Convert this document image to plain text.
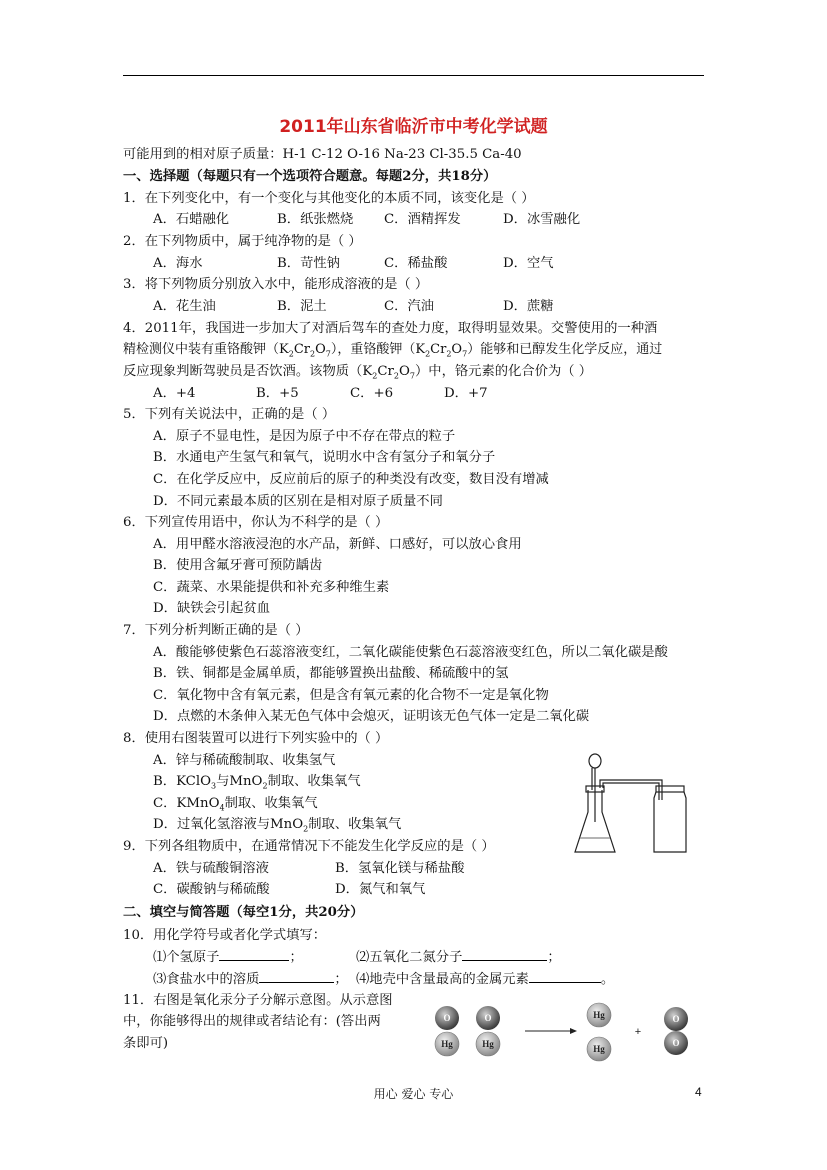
2011年山东省临沂市中考化学试题
可能用到的相对原子质量：H-1 C-12 O-16 Na-23 Cl-35.5 Ca-40
一、选择题（每题只有一个选项符合题意。每题2分，共18分）
1．在下列变化中，有一个变化与其他变化的本质不同，该变化是（ ）
A．石蜡融化	B．纸张燃烧 C．酒精挥发	D．冰雪融化
2．在下列物质中，属于纯净物的是（ ）
A．海水	B．苛性钠	C．稀盐酸	D．空气
3．将下列物质分别放入水中，能形成溶液的是（ ）
A．花生油	B．泥土	C．汽油	D．蔗糖
4．2011年，我国进一步加大了对酒后驾车的查处力度，取得明显效果。交警使用的一种酒
精检测仪中装有重铬酸钾$(K_2Cr_2O_7)$，重铬酸钾$(K_2Cr_2O_7)$能够和已醇发生化学反应，通过
反应现象判断驾驶员是否饮酒。该物质$(K_2Cr_2O_7)$中，铬元素的化合价为（ ）
A．+4	B．+5	C．+6	D．+7
5．下列有关说法中，正确的是（ ）
A．原子不显电性，是因为原子中不存在带点的粒子
B．水通电产生氢气和氧气，说明水中含有氢分子和氧分子
C．在化学反应中，反应前后的原子的种类没有改变，数目没有增减
D．不同元素最本质的区别在是相对原子质量不同
6．下列宣传用语中，你认为不科学的是（ ）
A．用甲醛水溶液浸泡的水产品，新鲜、口感好，可以放心食用
B．使用含氟牙膏可预防龋齿
C．蔬菜、水果能提供和补充多种维生素
D．缺铁会引起贫血
7．下列分析判断正确的是（ ）
A．酸能够使紫色石蕊溶液变红，二氧化碳能使紫色石蕊溶液变红色，所以二氧化碳是酸
B．铁、铜都是金属单质，都能够置换出盐酸、稀硫酸中的氢
C．氧化物中含有氧元素，但是含有氧元素的化合物不一定是氧化物
D．点燃的木条伸入某无色气体中会熄灭，证明该无色气体一定是二氧化碳
8．使用右图装置可以进行下列实验中的（ ）
A．锌与稀硫酸制取、收集氢气
B．KClO$_3$与MnO$_2$制取、收集氧气
C．KMnO$_4$制取、收集氧气
D．过氧化氢溶液与MnO$_2$制取、收集氧气
9．下列各组物质中，在通常情况下不能发生化学反应的是（ ）
A．铁与硫酸铜溶液	B．氢氧化镁与稀盐酸
C．碳酸钠与稀硫酸	D．氮气和氧气
二、填空与简答题（每空1分，共20分）
10．用化学符号或者化学式填写：
⑴个氢原子	；	⑵五氧化二氮分子	；
⑶食盐水中的溶质	； ⑷地壳中含量最高的金属元素	。
11．右图是氧化汞分子分解示意图。从示意图
中，你能够得出的规律或者结论有：(答出两
条即可)
O
Hg
O
Hg
Hg
Hg
+
O
O
用心 爱心 专心	4
